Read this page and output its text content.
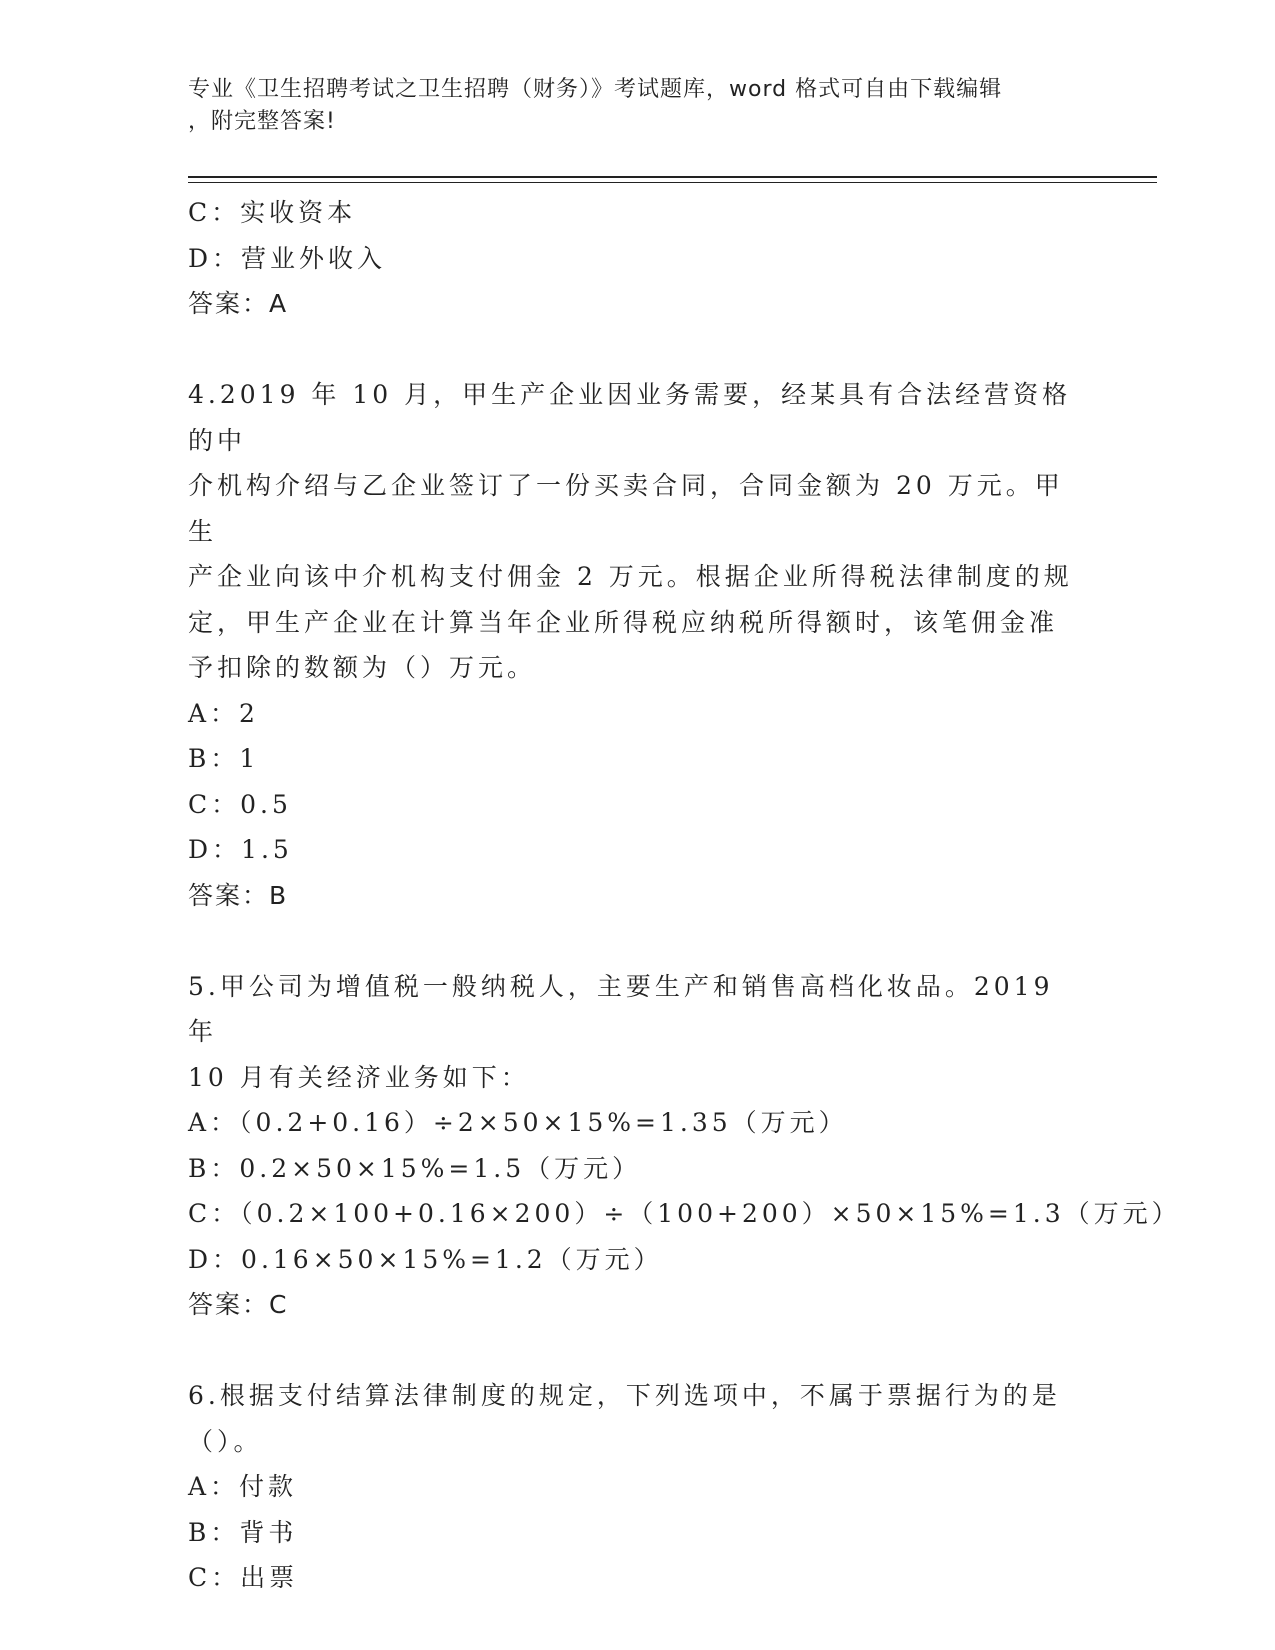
专业《卫生招聘考试之卫生招聘（财务）》考试题库，word 格式可自由下载编辑
，附完整答案!

C：实收资本

D：营业外收入

答案：A

4.2019 年 10 月，甲生产企业因业务需要，经某具有合法经营资格的中

介机构介绍与乙企业签订了一份买卖合同，合同金额为 20 万元。甲生

产企业向该中介机构支付佣金 2 万元。根据企业所得税法律制度的规

定，甲生产企业在计算当年企业所得税应纳税所得额时，该笔佣金准

予扣除的数额为（）万元。

A：2

B：1

C：0.5

D：1.5

答案：B

5.甲公司为增值税一般纳税人，主要生产和销售高档化妆品。2019 年

10 月有关经济业务如下：

A：（0.2+0.16）÷2×50×15%=1.35（万元）

B：0.2×50×15%=1.5（万元）

C：（0.2×100+0.16×200）÷（100+200）×50×15%=1.3（万元）

D：0.16×50×15%=1.2（万元）

答案：C

6.根据支付结算法律制度的规定，下列选项中，不属于票据行为的是

（）。

A：付款

B：背书

C：出票
